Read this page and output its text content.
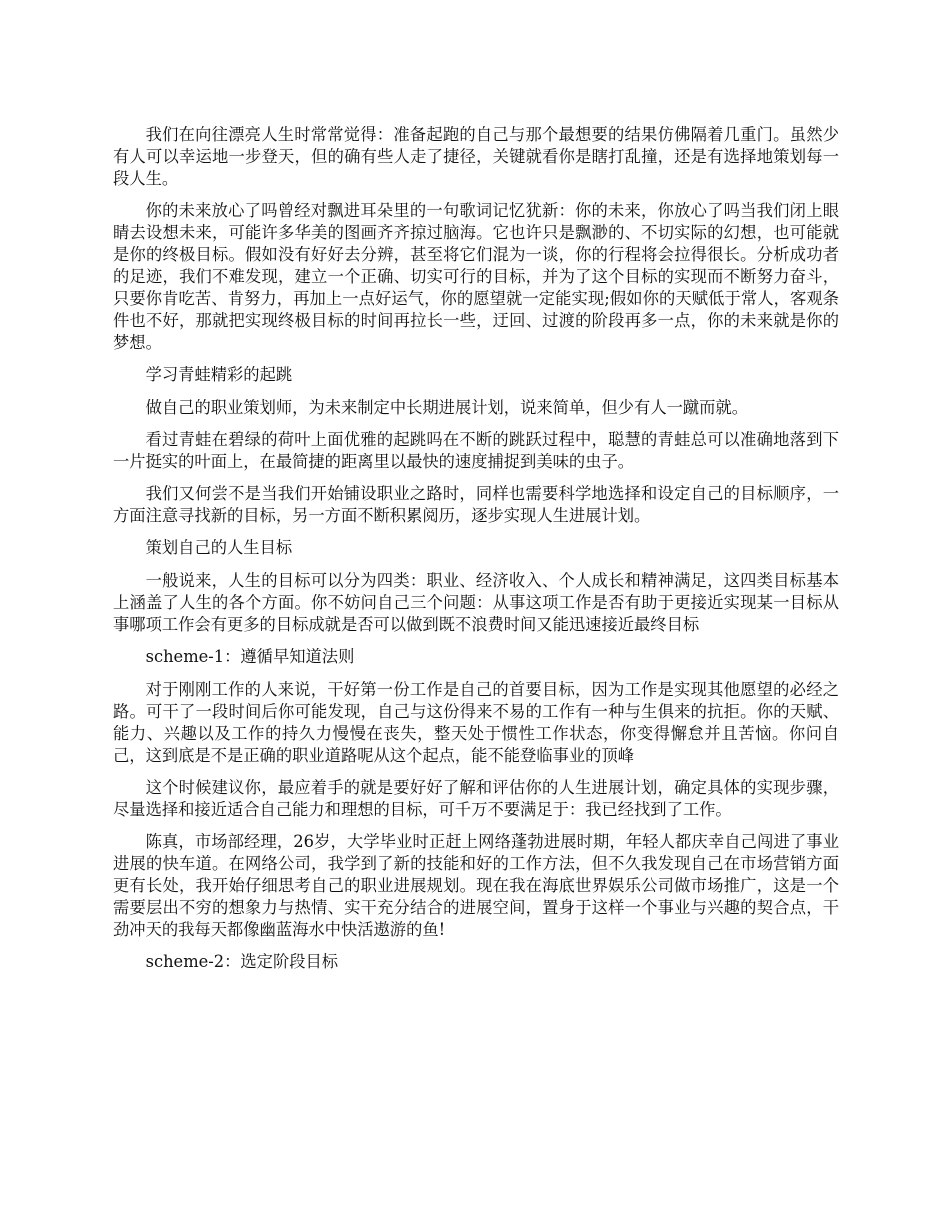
我们在向往漂亮人生时常常觉得：准备起跑的自己与那个最想要的结果仿佛隔着几重门。虽然少有人可以幸运地一步登天，但的确有些人走了捷径，关键就看你是瞎打乱撞，还是有选择地策划每一段人生。

你的未来放心了吗曾经对飘进耳朵里的一句歌词记忆犹新：你的未来，你放心了吗当我们闭上眼睛去设想未来，可能许多华美的图画齐齐掠过脑海。它也许只是飘渺的、不切实际的幻想，也可能就是你的终极目标。假如没有好好去分辨，甚至将它们混为一谈，你的行程将会拉得很长。分析成功者的足迹，我们不难发现，建立一个正确、切实可行的目标，并为了这个目标的实现而不断努力奋斗，只要你肯吃苦、肯努力，再加上一点好运气，你的愿望就一定能实现;假如你的天赋低于常人，客观条件也不好，那就把实现终极目标的时间再拉长一些，迂回、过渡的阶段再多一点，你的未来就是你的梦想。

学习青蛙精彩的起跳

做自己的职业策划师，为未来制定中长期进展计划，说来简单，但少有人一蹴而就。

看过青蛙在碧绿的荷叶上面优雅的起跳吗在不断的跳跃过程中，聪慧的青蛙总可以准确地落到下一片挺实的叶面上，在最简捷的距离里以最快的速度捕捉到美味的虫子。

我们又何尝不是当我们开始铺设职业之路时，同样也需要科学地选择和设定自己的目标顺序，一方面注意寻找新的目标，另一方面不断积累阅历，逐步实现人生进展计划。

策划自己的人生目标

一般说来，人生的目标可以分为四类：职业、经济收入、个人成长和精神满足，这四类目标基本上涵盖了人生的各个方面。你不妨问自己三个问题：从事这项工作是否有助于更接近实现某一目标从事哪项工作会有更多的目标成就是否可以做到既不浪费时间又能迅速接近最终目标

scheme-1：遵循早知道法则

对于刚刚工作的人来说，干好第一份工作是自己的首要目标，因为工作是实现其他愿望的必经之路。可干了一段时间后你可能发现，自己与这份得来不易的工作有一种与生俱来的抗拒。你的天赋、能力、兴趣以及工作的持久力慢慢在丧失，整天处于惯性工作状态，你变得懈怠并且苦恼。你问自己，这到底是不是正确的职业道路呢从这个起点，能不能登临事业的顶峰

这个时候建议你，最应着手的就是要好好了解和评估你的人生进展计划，确定具体的实现步骤，尽量选择和接近适合自己能力和理想的目标，可千万不要满足于：我已经找到了工作。

陈真，市场部经理，26岁，大学毕业时正赶上网络蓬勃进展时期，年轻人都庆幸自己闯进了事业进展的快车道。在网络公司，我学到了新的技能和好的工作方法，但不久我发现自己在市场营销方面更有长处，我开始仔细思考自己的职业进展规划。现在我在海底世界娱乐公司做市场推广，这是一个需要层出不穷的想象力与热情、实干充分结合的进展空间，置身于这样一个事业与兴趣的契合点，干劲冲天的我每天都像幽蓝海水中快活遨游的鱼!

scheme-2：选定阶段目标
